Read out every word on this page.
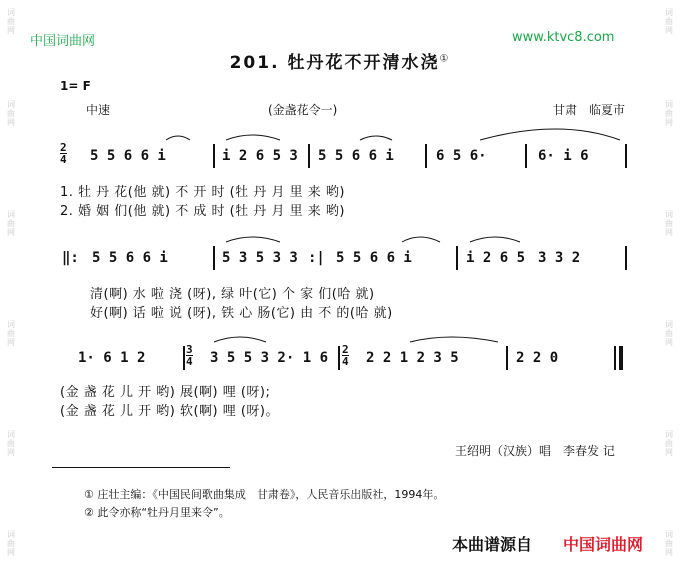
词曲网
词曲网
词曲网
词曲网
词曲网
词曲网
词曲网
词曲网
词曲网
词曲网
词曲网
词曲网
中国词曲网	www.ktvc8.com
201. 牡丹花不开清水浇①
1= F
中速	(金盏花令一)	甘肃　临夏市
2
4 5 5 6 6 i	i 2 6 5 3 5 5 6 6 i	6 5 6·	6· i 6
1. 牡 丹 花(他 就) 不 开 时 (牡 丹 月 里 来 哟)
2. 婚 姻 们(他 就) 不 成 时 (牡 丹 月 里 来 哟)
‖: 5 5 6 6 i	5 3 5 3 3 :| 5 5 6 6 i	i 2 6 5 3 3 2
清(啊) 水 啦 浇 (呀), 绿 叶(它) 个 家 们(哈 就)
好(啊) 话 啦 说 (呀), 铁 心 肠(它) 由 不 的(哈 就)
1· 6 1 2
3
4 3 5 5 3 2· 1 6
2
4 2 2 1 2 3 5	2 2 0
(金 盏 花 儿 开 哟) 展(啊) 哩 (呀);
(金 盏 花 儿 开 哟) 软(啊) 哩 (呀)。
王绍明（汉族）唱　李春发 记
① 庄壮主编：《中国民间歌曲集成　甘肃卷》，人民音乐出版社，1994年。
② 此令亦称“牡丹月里来令”。
本曲谱源自 中国词曲网
